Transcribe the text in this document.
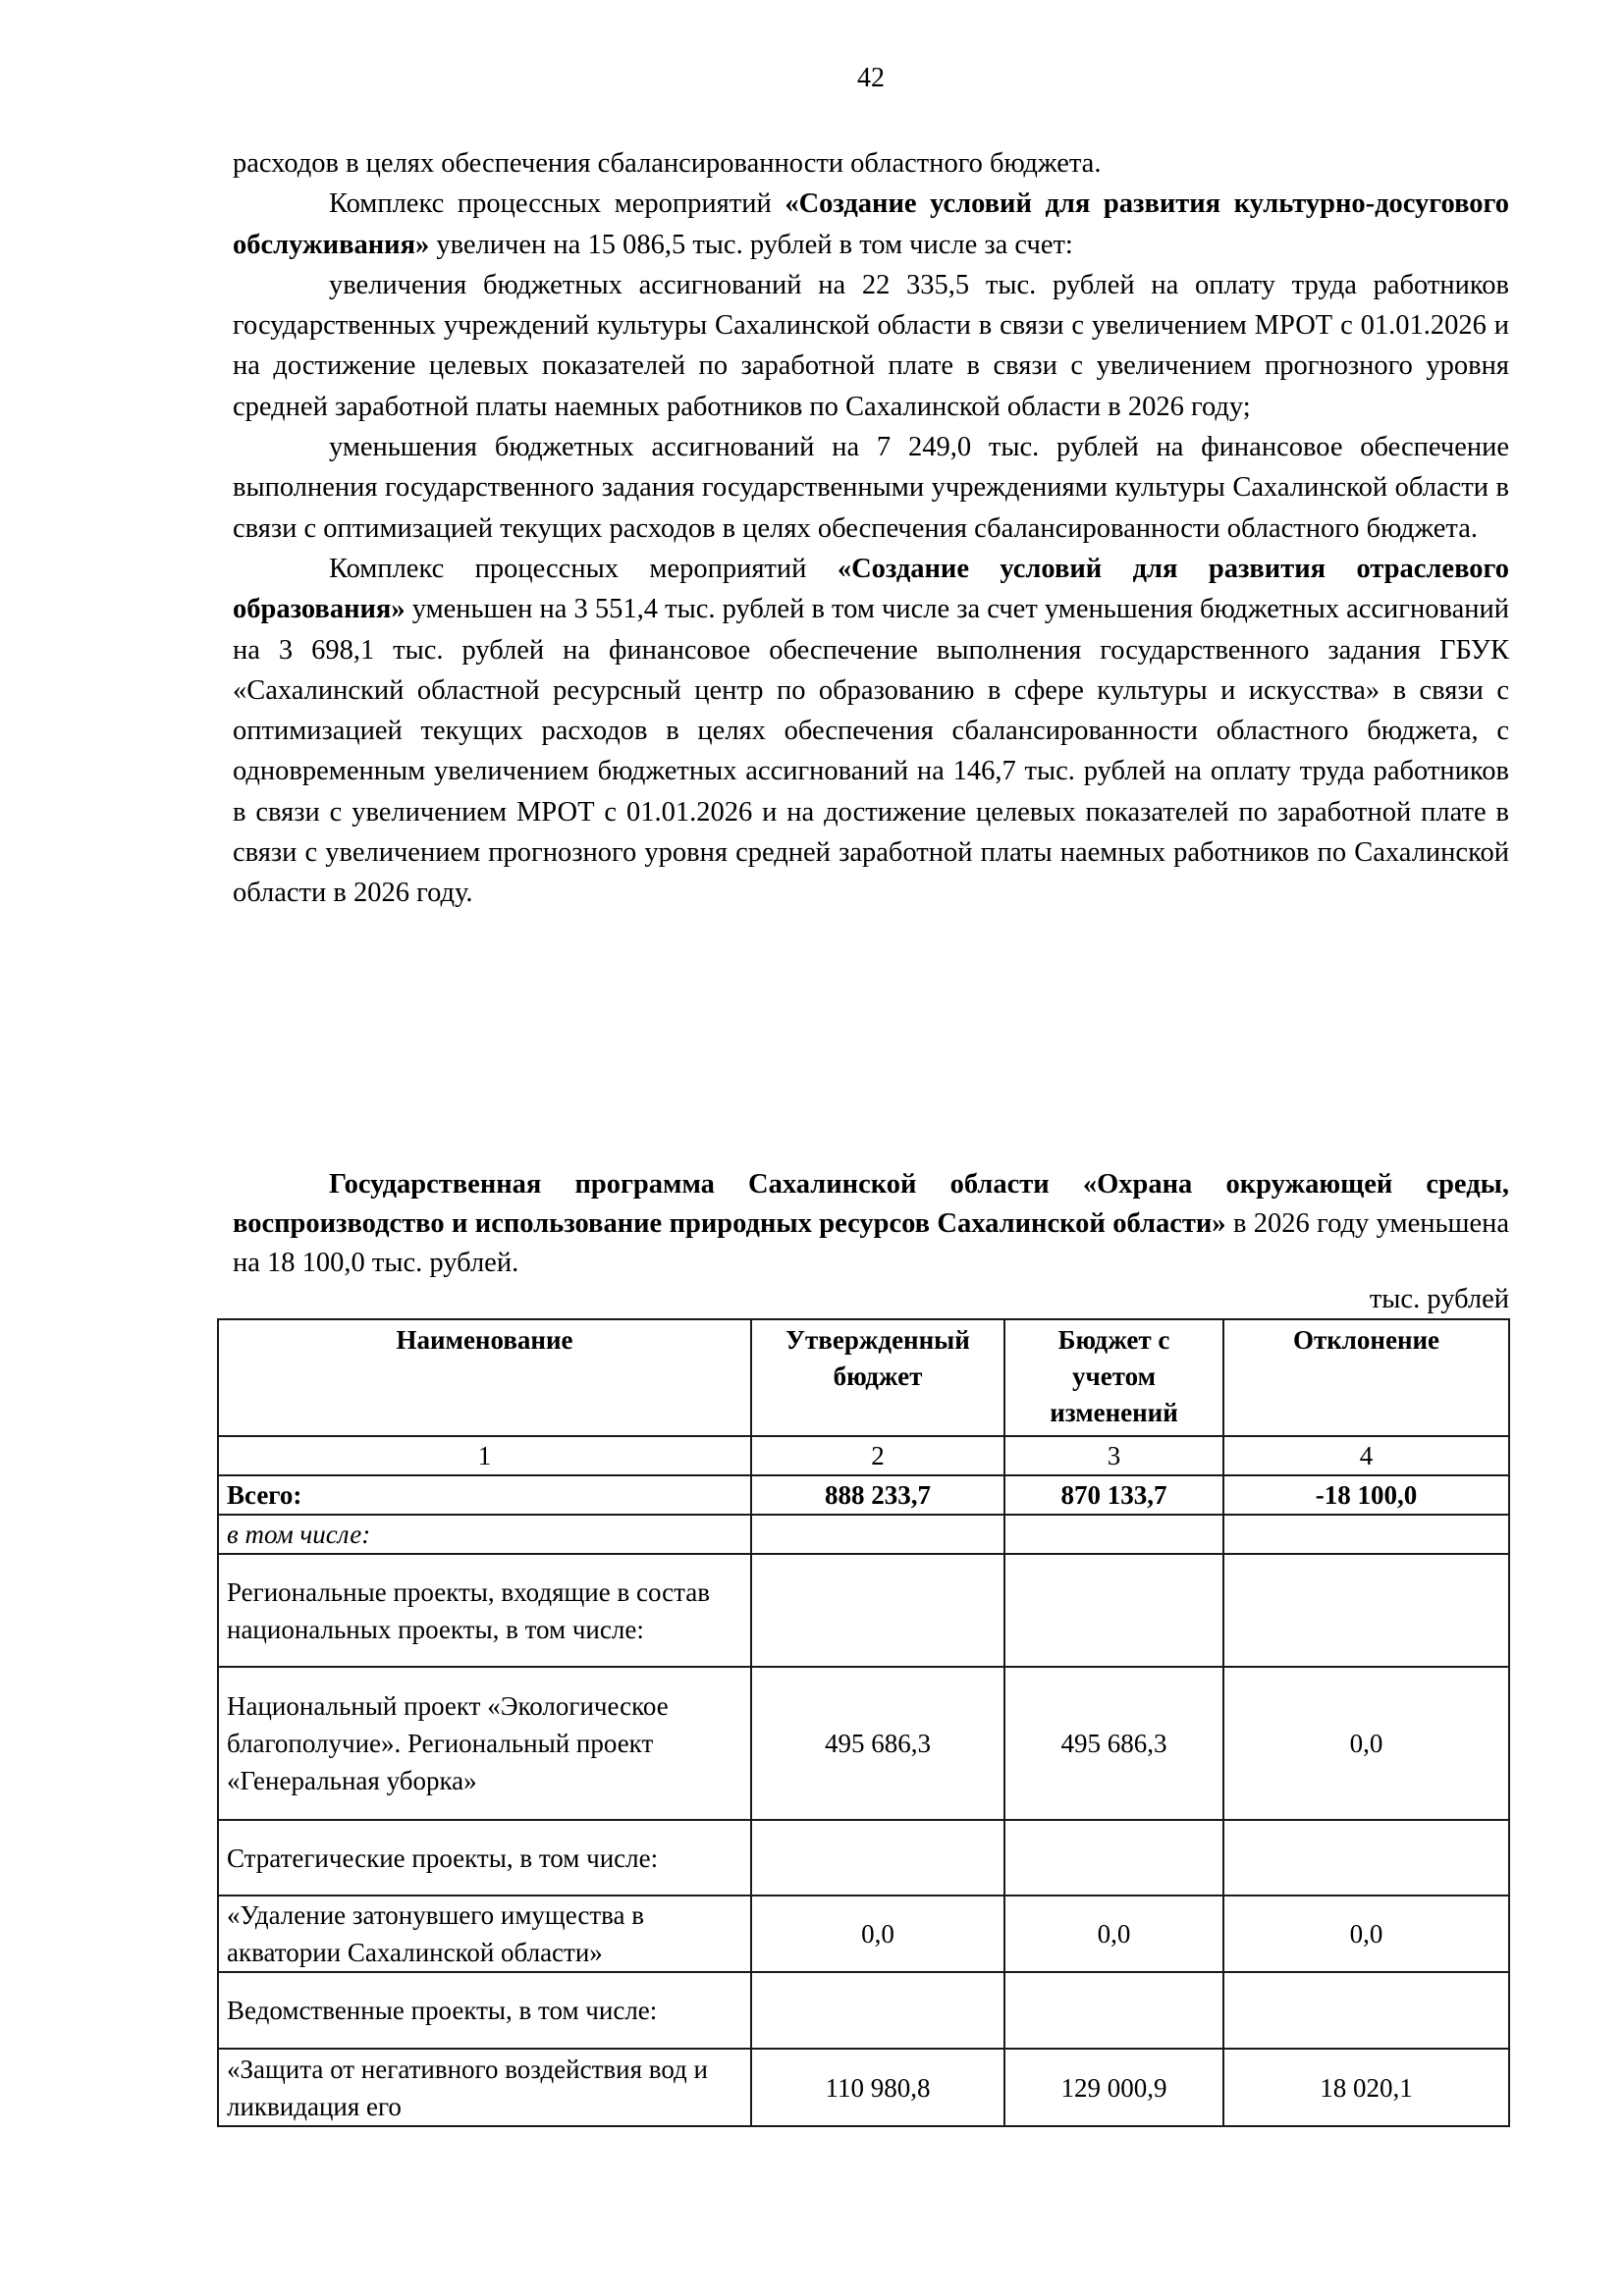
42

расходов в целях обеспечения сбалансированности областного бюджета.

Комплекс процессных мероприятий «Создание условий для развития культурно-досугового обслуживания» увеличен на 15 086,5 тыс. рублей в том числе за счет:

увеличения бюджетных ассигнований на 22 335,5 тыс. рублей на оплату труда работников государственных учреждений культуры Сахалинской области в связи с увеличением МРОТ с 01.01.2026 и на достижение целевых показателей по заработной плате в связи с увеличением прогнозного уровня средней заработной платы наемных работников по Сахалинской области в 2026 году;

уменьшения бюджетных ассигнований на 7 249,0 тыс. рублей на финансовое обеспечение выполнения государственного задания государственными учреждениями культуры Сахалинской области в связи с оптимизацией текущих расходов в целях обеспечения сбалансированности областного бюджета.

Комплекс процессных мероприятий «Создание условий для развития отраслевого образования» уменьшен на 3 551,4 тыс. рублей в том числе за счет уменьшения бюджетных ассигнований на 3 698,1 тыс. рублей на финансовое обеспечение выполнения государственного задания ГБУК «Сахалинский областной ресурсный центр по образованию в сфере культуры и искусства» в связи с оптимизацией текущих расходов в целях обеспечения сбалансированности областного бюджета, с одновременным увеличением бюджетных ассигнований на 146,7 тыс. рублей на оплату труда работников в связи с увеличением МРОТ с 01.01.2026 и на достижение целевых показателей по заработной плате в связи с увеличением прогнозного уровня средней заработной платы наемных работников по Сахалинской области в 2026 году.

Государственная программа Сахалинской области «Охрана окружающей среды, воспроизводство и использование природных ресурсов Сахалинской области» в 2026 году уменьшена на 18 100,0 тыс. рублей.

тыс. рублей
Наименование	Утвержденный бюджет	Бюджет с учетом изменений	Отклонение
1	2	3	4
Всего:	888 233,7	870 133,7	-18 100,0
в том числе:			
Региональные проекты, входящие в состав национальных проекты, в том числе:			
Национальный проект «Экологическое благополучие». Региональный проект «Генеральная уборка»	495 686,3	495 686,3	0,0
Стратегические проекты, в том числе:			
«Удаление затонувшего имущества в акватории Сахалинской области»	0,0	0,0	0,0
Ведомственные проекты, в том числе:			
«Защита от негативного воздействия вод и ликвидация его	110 980,8	129 000,9	18 020,1
